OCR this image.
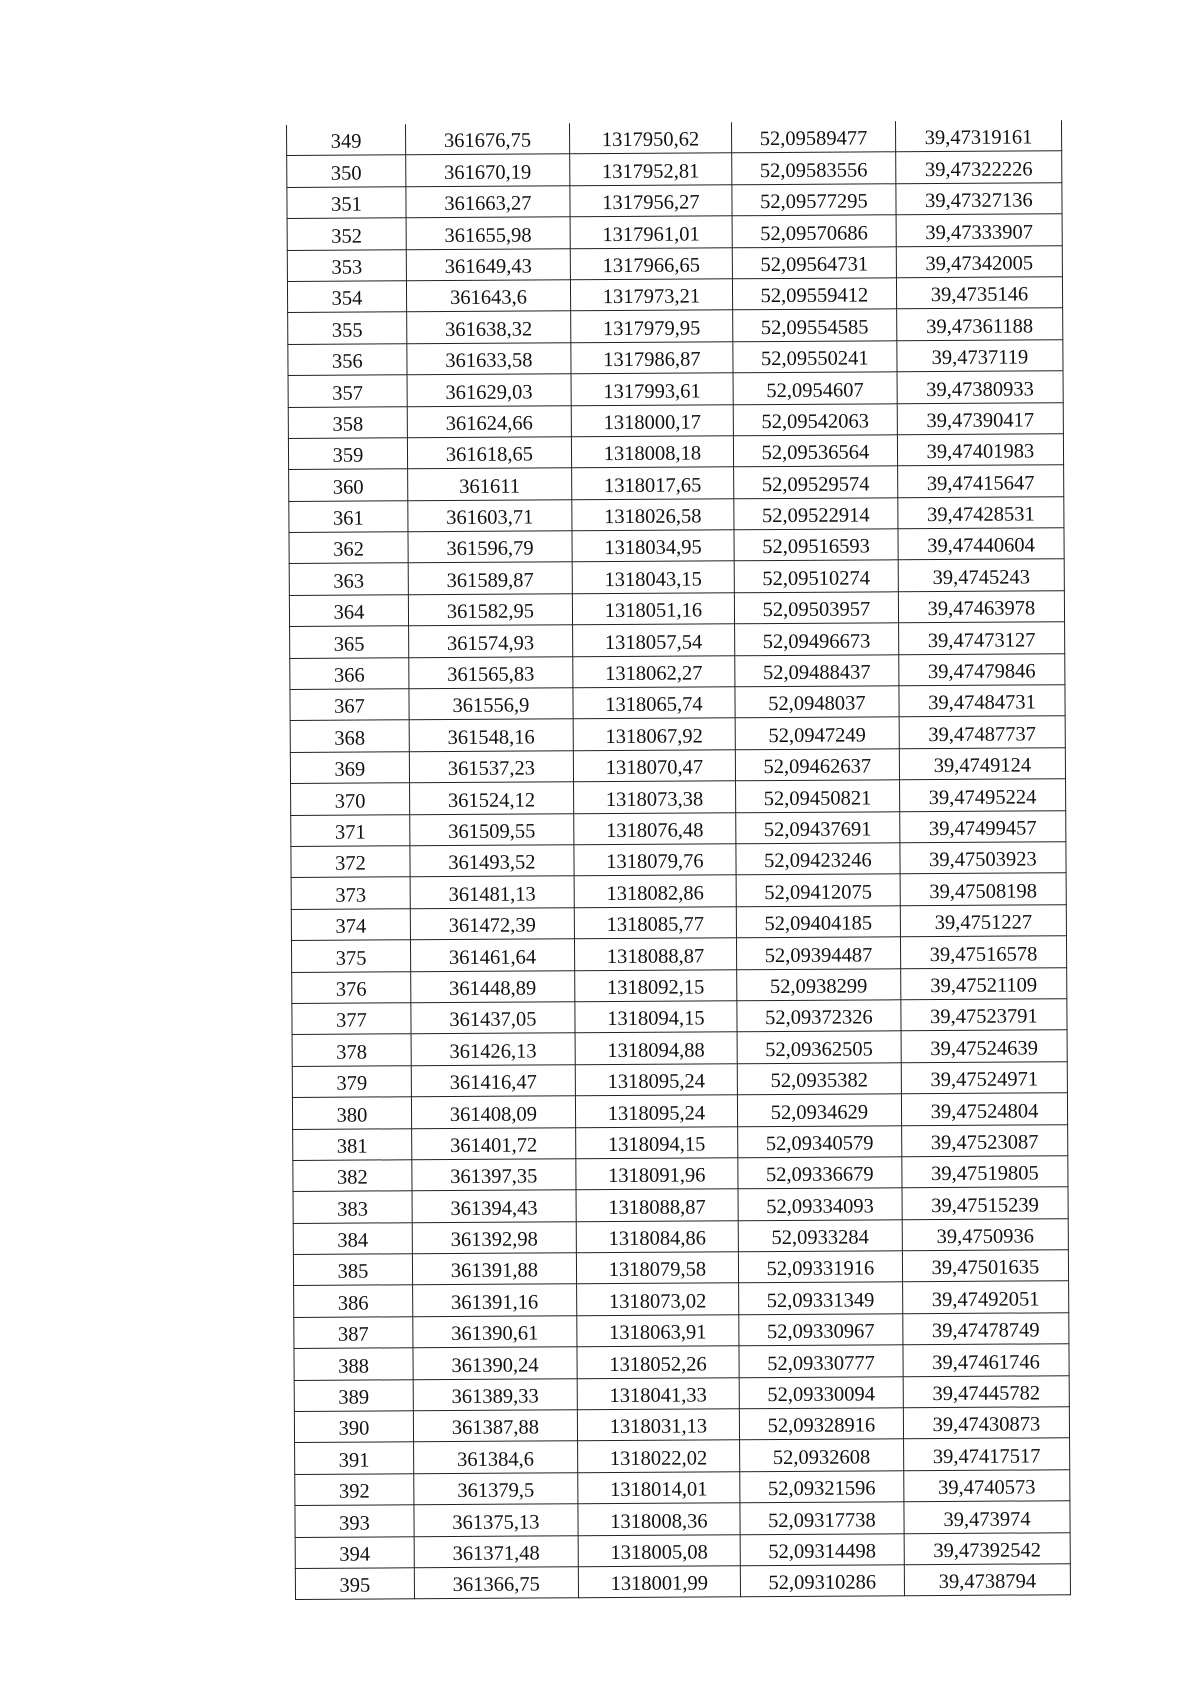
349	361676,75	1317950,62	52,09589477	39,47319161
350	361670,19	1317952,81	52,09583556	39,47322226
351	361663,27	1317956,27	52,09577295	39,47327136
352	361655,98	1317961,01	52,09570686	39,47333907
353	361649,43	1317966,65	52,09564731	39,47342005
354	361643,6	1317973,21	52,09559412	39,4735146
355	361638,32	1317979,95	52,09554585	39,47361188
356	361633,58	1317986,87	52,09550241	39,4737119
357	361629,03	1317993,61	52,0954607	39,47380933
358	361624,66	1318000,17	52,09542063	39,47390417
359	361618,65	1318008,18	52,09536564	39,47401983
360	361611	1318017,65	52,09529574	39,47415647
361	361603,71	1318026,58	52,09522914	39,47428531
362	361596,79	1318034,95	52,09516593	39,47440604
363	361589,87	1318043,15	52,09510274	39,4745243
364	361582,95	1318051,16	52,09503957	39,47463978
365	361574,93	1318057,54	52,09496673	39,47473127
366	361565,83	1318062,27	52,09488437	39,47479846
367	361556,9	1318065,74	52,0948037	39,47484731
368	361548,16	1318067,92	52,0947249	39,47487737
369	361537,23	1318070,47	52,09462637	39,4749124
370	361524,12	1318073,38	52,09450821	39,47495224
371	361509,55	1318076,48	52,09437691	39,47499457
372	361493,52	1318079,76	52,09423246	39,47503923
373	361481,13	1318082,86	52,09412075	39,47508198
374	361472,39	1318085,77	52,09404185	39,4751227
375	361461,64	1318088,87	52,09394487	39,47516578
376	361448,89	1318092,15	52,0938299	39,47521109
377	361437,05	1318094,15	52,09372326	39,47523791
378	361426,13	1318094,88	52,09362505	39,47524639
379	361416,47	1318095,24	52,0935382	39,47524971
380	361408,09	1318095,24	52,0934629	39,47524804
381	361401,72	1318094,15	52,09340579	39,47523087
382	361397,35	1318091,96	52,09336679	39,47519805
383	361394,43	1318088,87	52,09334093	39,47515239
384	361392,98	1318084,86	52,0933284	39,4750936
385	361391,88	1318079,58	52,09331916	39,47501635
386	361391,16	1318073,02	52,09331349	39,47492051
387	361390,61	1318063,91	52,09330967	39,47478749
388	361390,24	1318052,26	52,09330777	39,47461746
389	361389,33	1318041,33	52,09330094	39,47445782
390	361387,88	1318031,13	52,09328916	39,47430873
391	361384,6	1318022,02	52,0932608	39,47417517
392	361379,5	1318014,01	52,09321596	39,4740573
393	361375,13	1318008,36	52,09317738	39,473974
394	361371,48	1318005,08	52,09314498	39,47392542
395	361366,75	1318001,99	52,09310286	39,4738794
